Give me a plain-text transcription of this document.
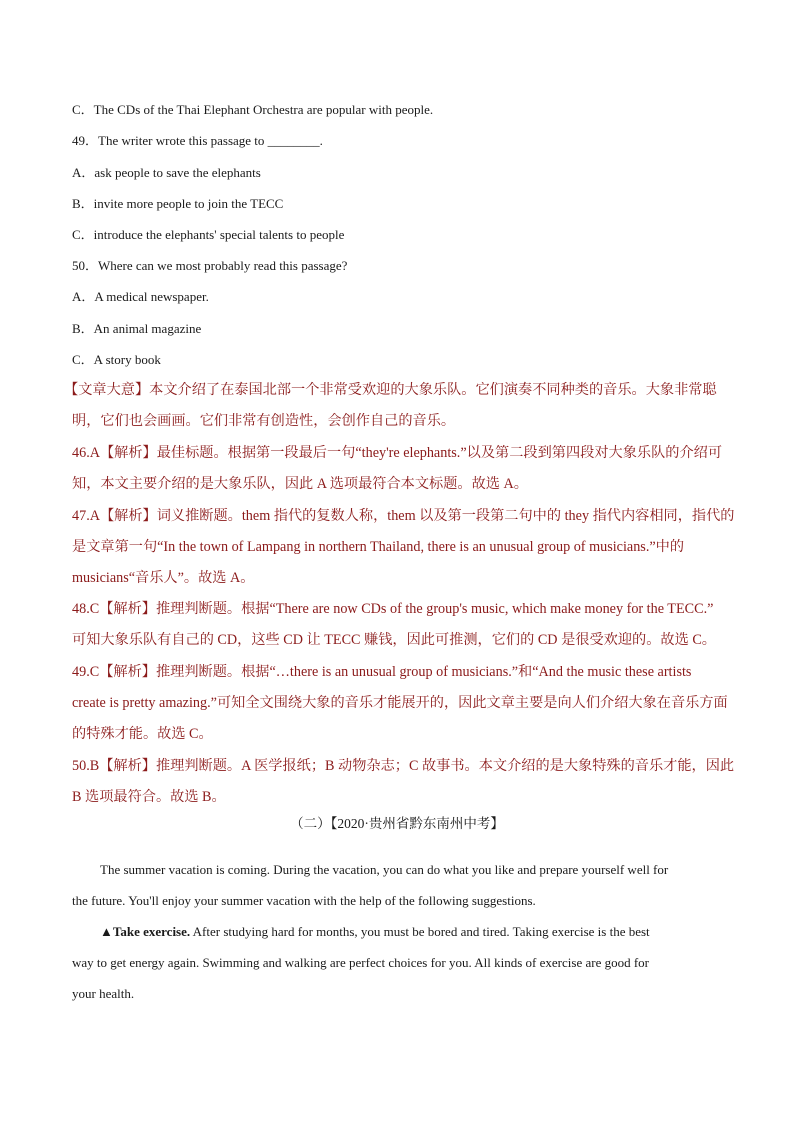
C．The CDs of the Thai Elephant Orchestra are popular with people.
49．The writer wrote this passage to ________.
A．ask people to save the elephants
B．invite more people to join the TECC
C．introduce the elephants' special talents to people
50．Where can we most probably read this passage?
A．A medical newspaper.
B．An animal magazine
C．A story book
【文章大意】本文介绍了在泰国北部一个非常受欢迎的大象乐队。它们演奏不同种类的音乐。大象非常聪
明，它们也会画画。它们非常有创造性，会创作自己的音乐。
46.A【解析】最佳标题。根据第一段最后一句“they're elephants.”以及第二段到第四段对大象乐队的介绍可
知，本文主要介绍的是大象乐队，因此 A 选项最符合本文标题。故选 A。
47.A【解析】词义推断题。them 指代的复数人称，them 以及第一段第二句中的 they 指代内容相同，指代的
是文章第一句“In the town of Lampang in northern Thailand, there is an unusual group of musicians.”中的
musicians“音乐人”。故选 A。
48.C【解析】推理判断题。根据“There are now CDs of the group's music, which make money for the TECC.”
可知大象乐队有自己的 CD，这些 CD 让 TECC 赚钱，因此可推测，它们的 CD 是很受欢迎的。故选 C。
49.C【解析】推理判断题。根据“…there is an unusual group of musicians.”和“And the music these artists
create is pretty amazing.”可知全文围绕大象的音乐才能展开的，因此文章主要是向人们介绍大象在音乐方面
的特殊才能。故选 C。
50.B【解析】推理判断题。A 医学报纸；B 动物杂志；C 故事书。本文介绍的是大象特殊的音乐才能，因此
B 选项最符合。故选 B。
（二）【2020·贵州省黔东南州中考】
The summer vacation is coming. During the vacation, you can do what you like and prepare yourself well for
the future. You'll enjoy your summer vacation with the help of the following suggestions.
▲Take exercise. After studying hard for months, you must be bored and tired. Taking exercise is the best
way to get energy again. Swimming and walking are perfect choices for you. All kinds of exercise are good for
your health.
